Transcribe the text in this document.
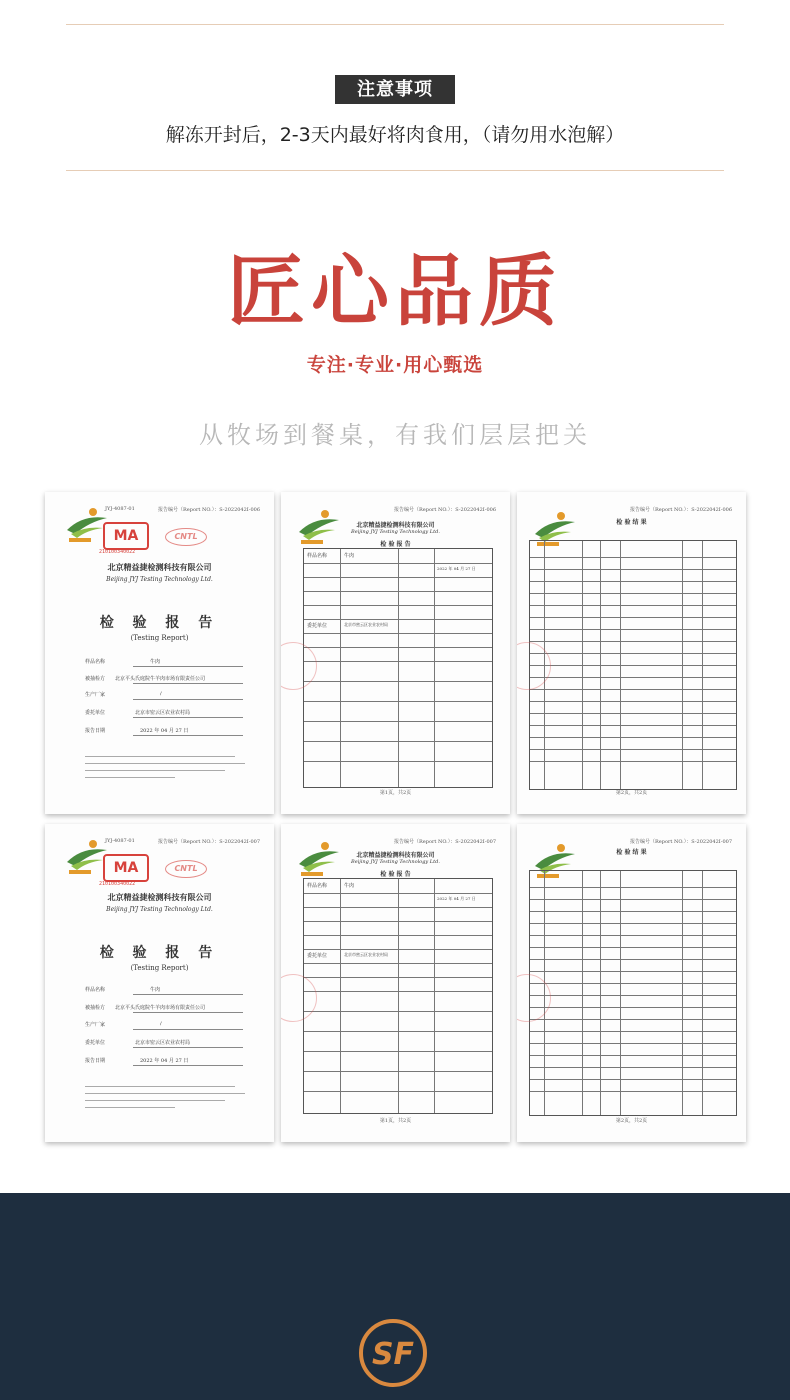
注意事项
解冻开封后，2-3天内最好将肉食用，（请勿用水泡解）
匠心品质
专注·专业·用心甄选
从牧场到餐桌，有我们层层把关
JYJ-4087-01	报告编号（Report NO.）：S-2022042I-006
MA
210100340022
CNTL
北京精益捷检测科技有限公司
Beijing JYJ Testing Technology Ltd.
检 验 报 告
(Testing Report)
样品名称	牛肉
被抽检方 北京平头氏庭院牛羊肉市场有限责任公司
生产厂家	/
委托单位	北京市密云区农业农村局
报告日期	2022 年 04 月 27 日
报告编号（Report NO.）：S-2022042I-006
北京精益捷检测科技有限公司
Beijing JYJ Testing Technology Ltd.
检 验 报 告
样品名称	牛肉
委托单位	北京市密云区农业农村局
2022 年 04 月 27 日
第1页，共2页
报告编号（Report NO.）：S-2022042I-006
检 验 结 果
第2页，共2页
JYJ-4087-01	报告编号（Report NO.）：S-2022042I-007
MA
210100340022
CNTL
北京精益捷检测科技有限公司
Beijing JYJ Testing Technology Ltd.
检 验 报 告
(Testing Report)
样品名称	牛肉
被抽检方 北京平头氏庭院牛羊肉市场有限责任公司
生产厂家	/
委托单位	北京市密云区农业农村局
报告日期	2022 年 04 月 27 日
报告编号（Report NO.）：S-2022042I-007
北京精益捷检测科技有限公司
Beijing JYJ Testing Technology Ltd.
检 验 报 告
样品名称	牛肉
委托单位	北京市密云区农业农村局
2022 年 04 月 27 日
第1页，共2页
报告编号（Report NO.）：S-2022042I-007
检 验 结 果
第2页，共2页
SF
